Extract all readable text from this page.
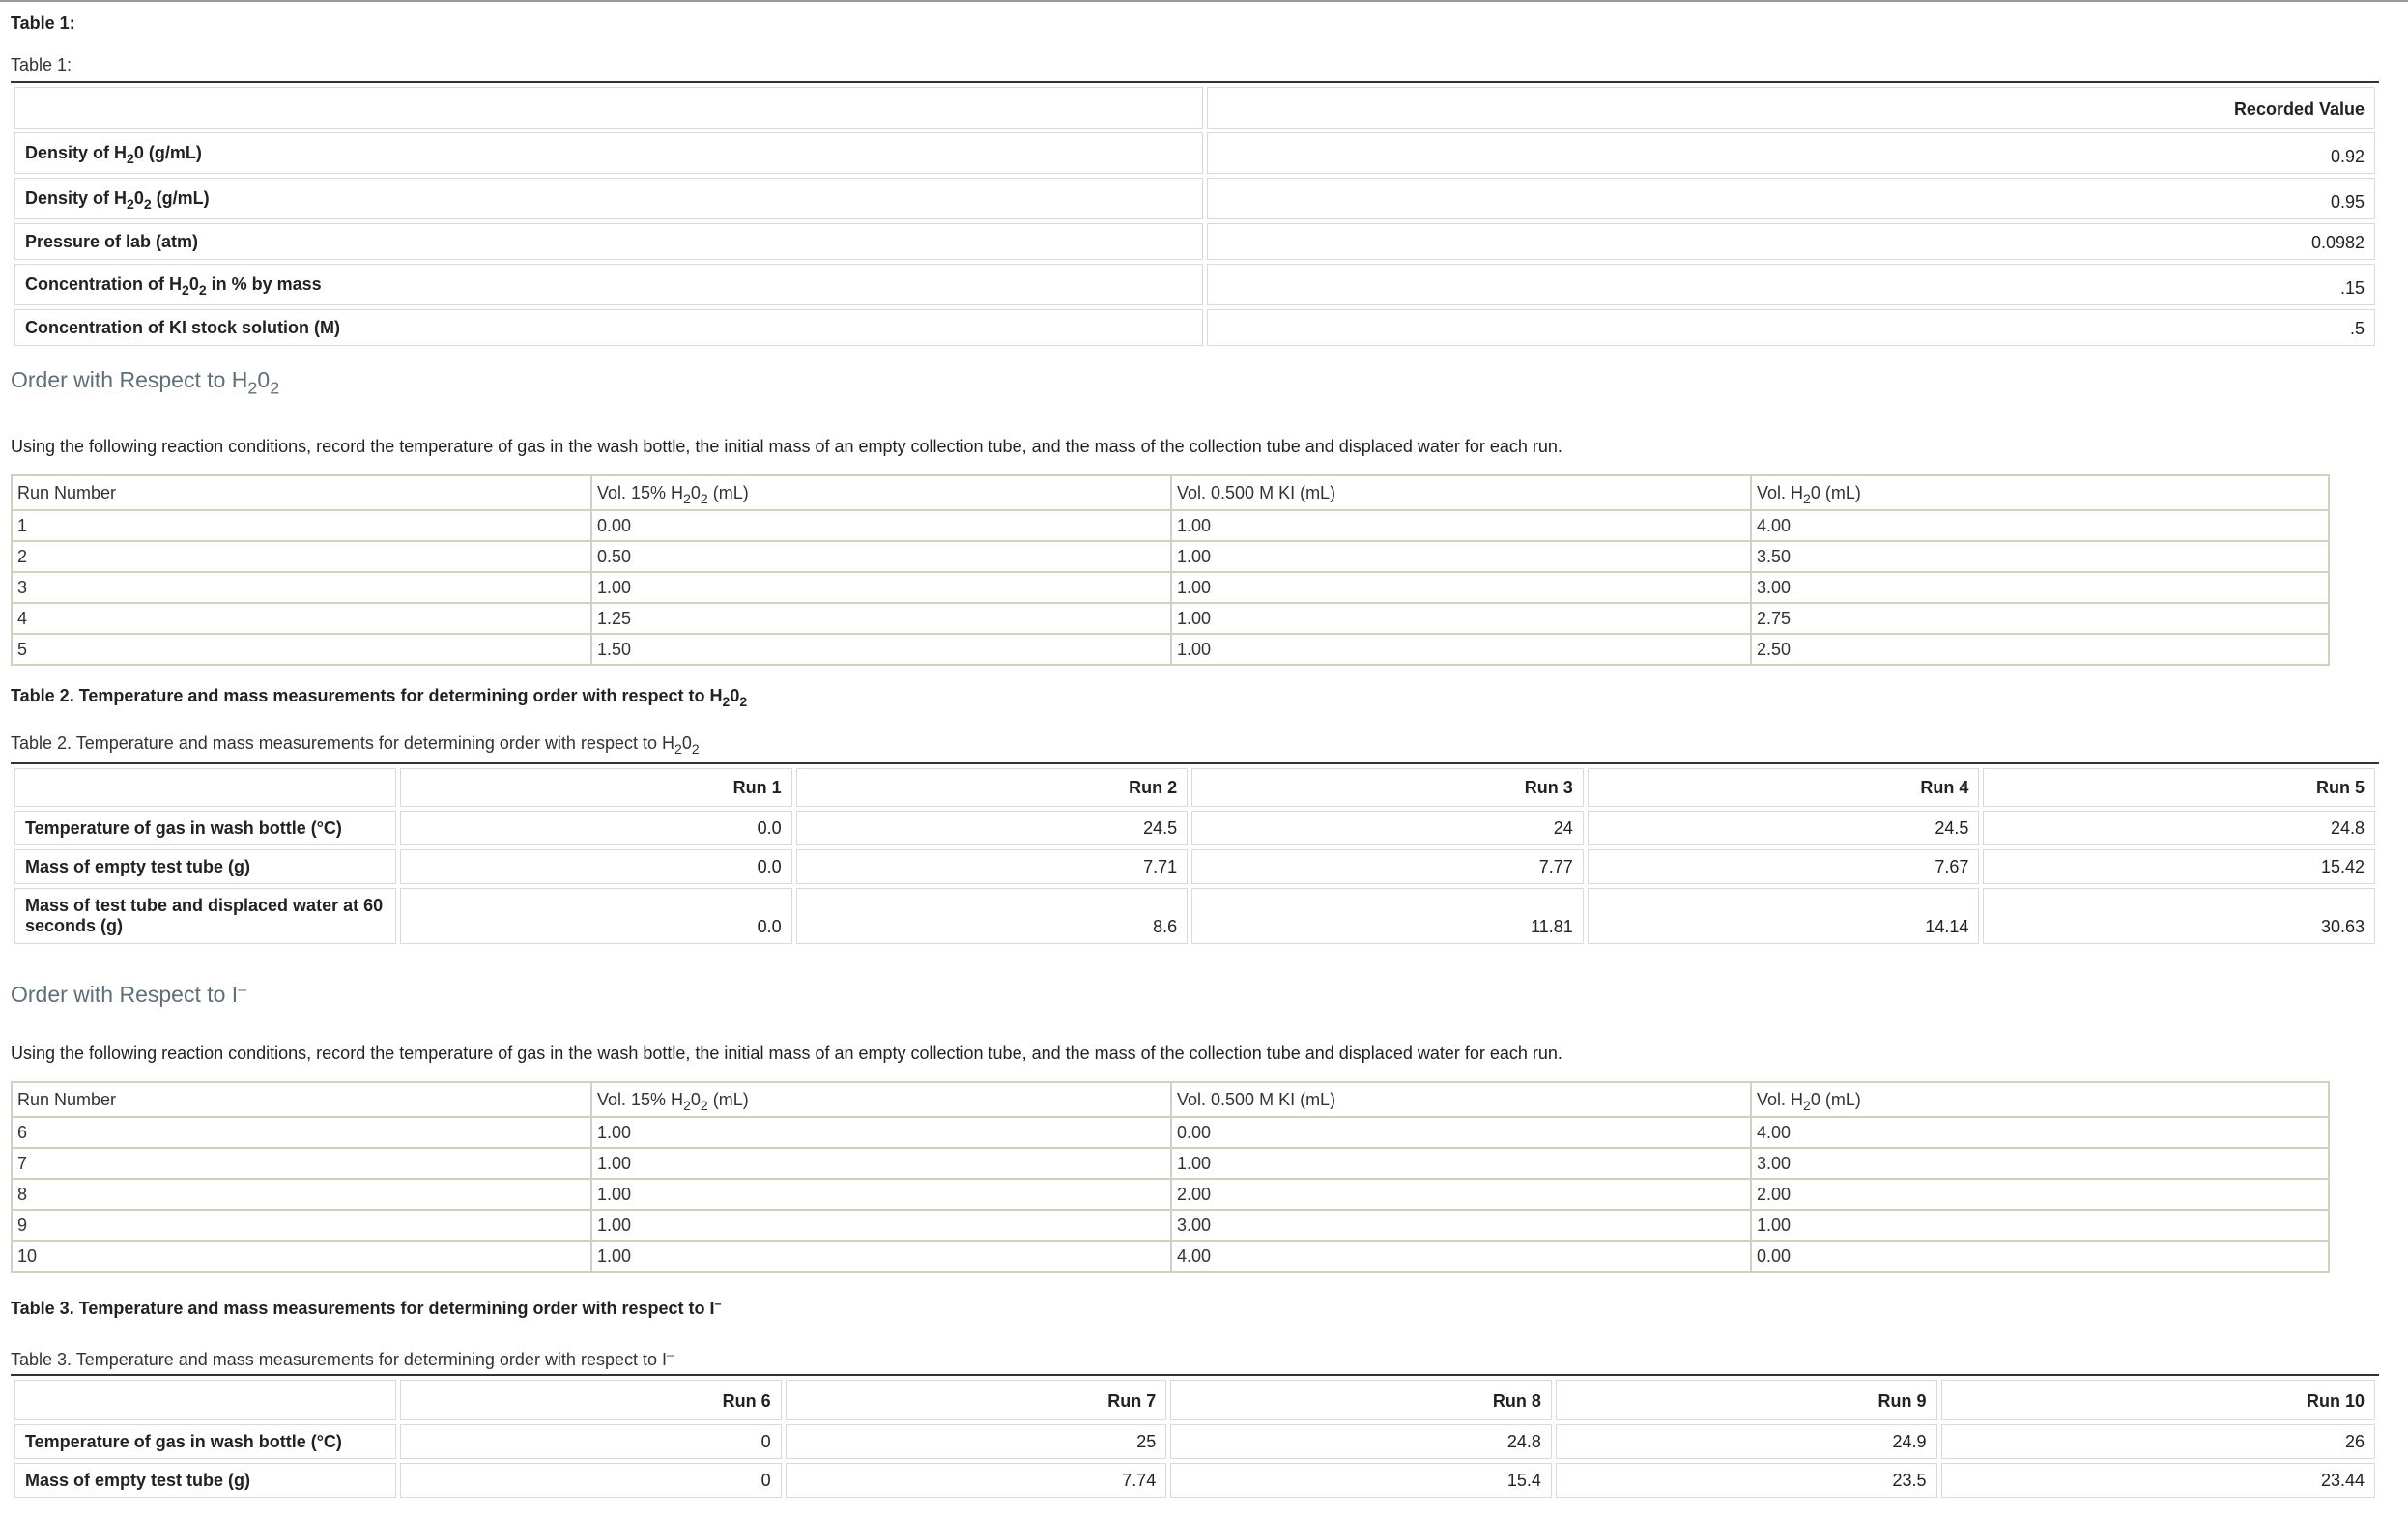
Table 1:
Table 1:
	Recorded Value
Density of $H_20$ (g/mL)	0.92
Density of $H_20_2$ (g/mL)	0.95
Pressure of lab (atm)	0.0982
Concentration of $H_20_2$ in % by mass	.15
Concentration of KI stock solution (M)	.5
Order with Respect to $H_20_2$
Using the following reaction conditions, record the temperature of gas in the wash bottle, the initial mass of an empty collection tube, and the mass of the collection tube and displaced water for each run.
Run Number	Vol. 15% $H_20_2$ (mL)	Vol. 0.500 M KI (mL)	Vol. $H_20$ (mL)
1	0.00	1.00	4.00
2	0.50	1.00	3.50
3	1.00	1.00	3.00
4	1.25	1.00	2.75
5	1.50	1.00	2.50
Table 2. Temperature and mass measurements for determining order with respect to $H_20_2$
Table 2. Temperature and mass measurements for determining order with respect to $H_20_2$
	Run 1	Run 2	Run 3	Run 4	Run 5
Temperature of gas in wash bottle (°C)	0.0	24.5	24	24.5	24.8
Mass of empty test tube (g)	0.0	7.71	7.77	7.67	15.42
Mass of test tube and displaced water at 60 seconds (g)	0.0	8.6	11.81	14.14	30.63
Order with Respect to I–
Using the following reaction conditions, record the temperature of gas in the wash bottle, the initial mass of an empty collection tube, and the mass of the collection tube and displaced water for each run.
Run Number	Vol. 15% $H_20_2$ (mL)	Vol. 0.500 M KI (mL)	Vol. $H_20$ (mL)
6	1.00	0.00	4.00
7	1.00	1.00	3.00
8	1.00	2.00	2.00
9	1.00	3.00	1.00
10	1.00	4.00	0.00
Table 3. Temperature and mass measurements for determining order with respect to I–
Table 3. Temperature and mass measurements for determining order with respect to I–
	Run 6	Run 7	Run 8	Run 9	Run 10
Temperature of gas in wash bottle (°C)	0	25	24.8	24.9	26
Mass of empty test tube (g)	0	7.74	15.4	23.5	23.44
